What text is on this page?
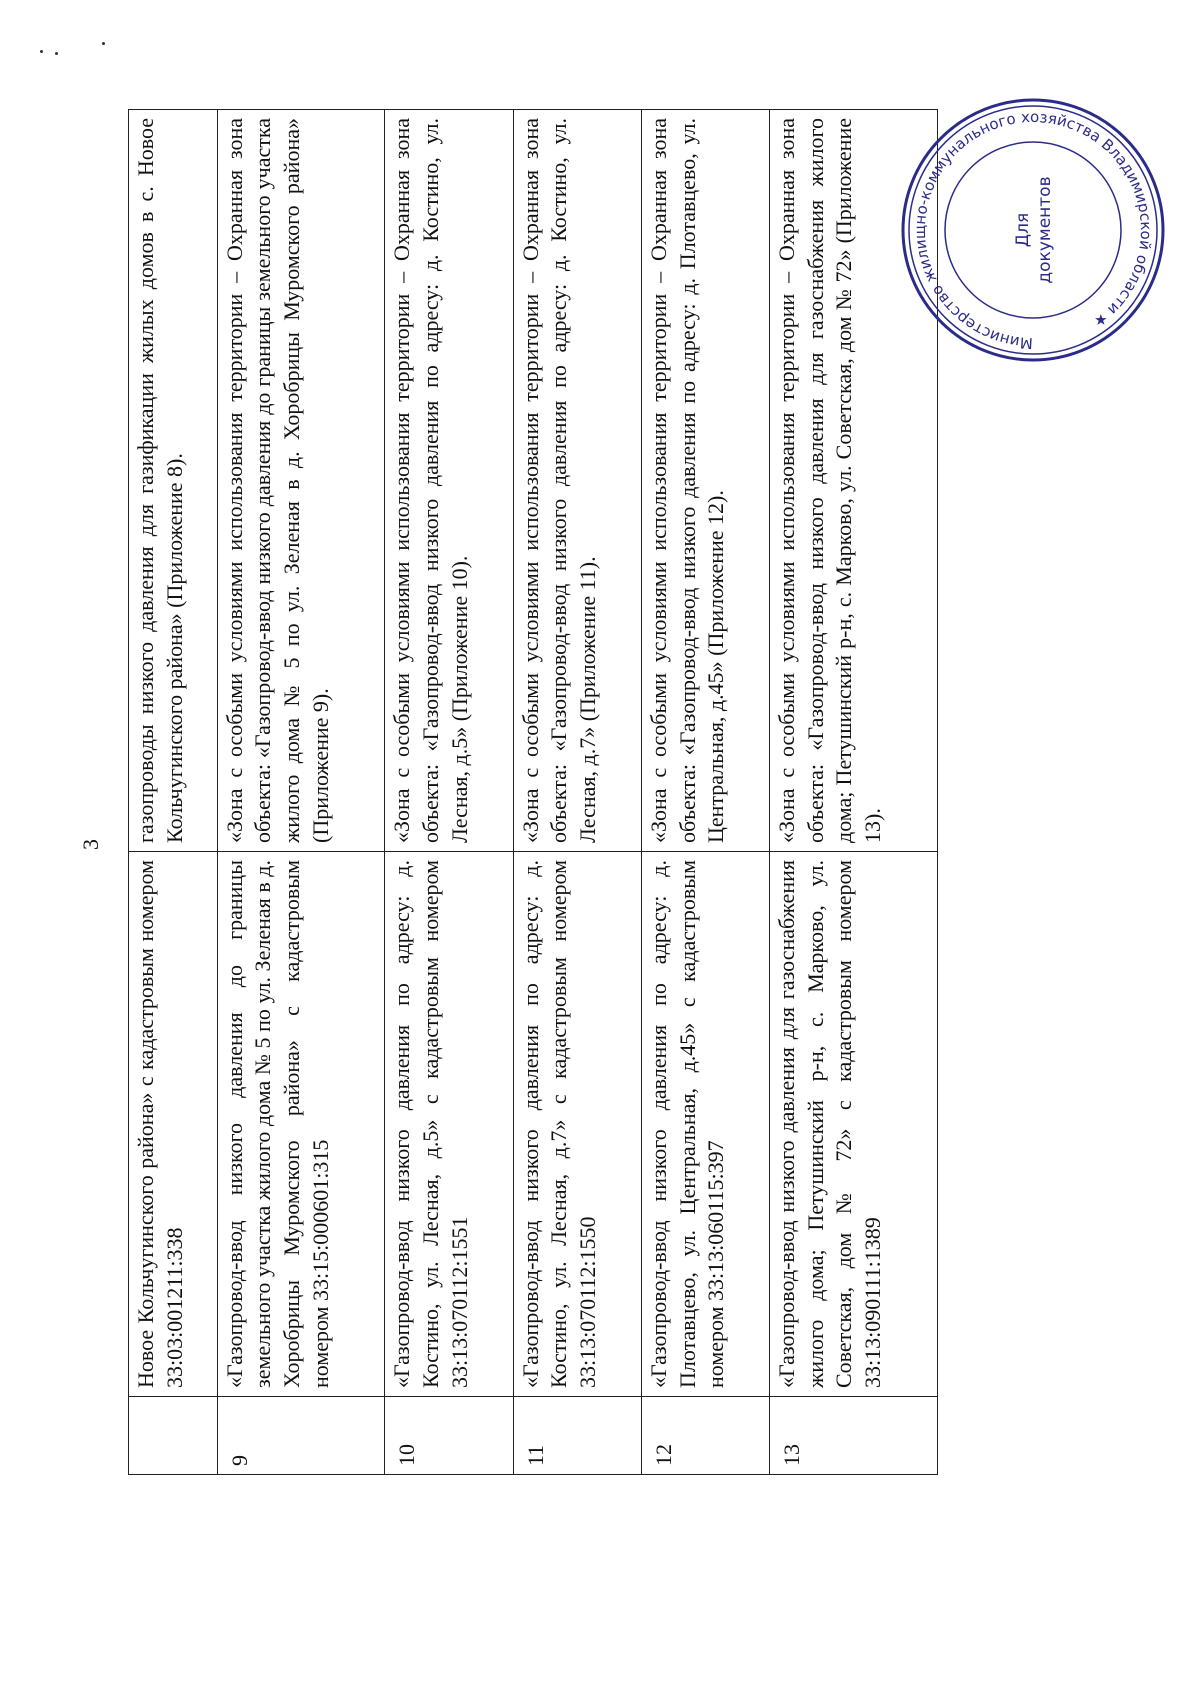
3
	Новое Кольчугинского района» с кадастровым номером 33:03:001211:338	газопроводы низкого давления для газификации жилых домов в с. Новое Кольчугинского района» (Приложение 8).
9	«Газопровод-ввод низкого давления до границы земельного участка жилого дома № 5 по ул. Зеленая в д. Хоробрицы Муромского района» с кадастровым номером 33:15:000601:315	«Зона с особыми условиями использования территории – Охранная зона объекта: «Газопровод-ввод низкого давления до границы земельного участка жилого дома № 5 по ул. Зеленая в д. Хоробрицы Муромского района» (Приложение 9).
10	«Газопровод-ввод низкого давления по адресу: д. Костино, ул. Лесная, д.5» с кадастровым номером 33:13:070112:1551	«Зона с особыми условиями использования территории – Охранная зона объекта: «Газопровод-ввод низкого давления по адресу: д. Костино, ул. Лесная, д.5» (Приложение 10).
11	«Газопровод-ввод низкого давления по адресу: д. Костино, ул. Лесная, д.7» с кадастровым номером 33:13:070112:1550	«Зона с особыми условиями использования территории – Охранная зона объекта: «Газопровод-ввод низкого давления по адресу: д. Костино, ул. Лесная, д.7» (Приложение 11).
12	«Газопровод-ввод низкого давления по адресу: д. Плотавцево, ул. Центральная, д.45» с кадастровым номером 33:13:060115:397	«Зона с особыми условиями использования территории – Охранная зона объекта: «Газопровод-ввод низкого давления по адресу: д. Плотавцево, ул. Центральная, д.45» (Приложение 12).
13	«Газопровод-ввод низкого давления для газоснабжения жилого дома; Петушинский р-н, с. Марково, ул. Советская, дом № 72» с кадастровым номером 33:13:090111:1389	«Зона с особыми условиями использования территории – Охранная зона объекта: «Газопровод-ввод низкого давления для газоснабжения жилого дома; Петушинский р-н, с. Марково, ул. Советская, дом № 72» (Приложение 13).
Министерство жилищно-коммунального хозяйства Владимирской области ★
Для документов
